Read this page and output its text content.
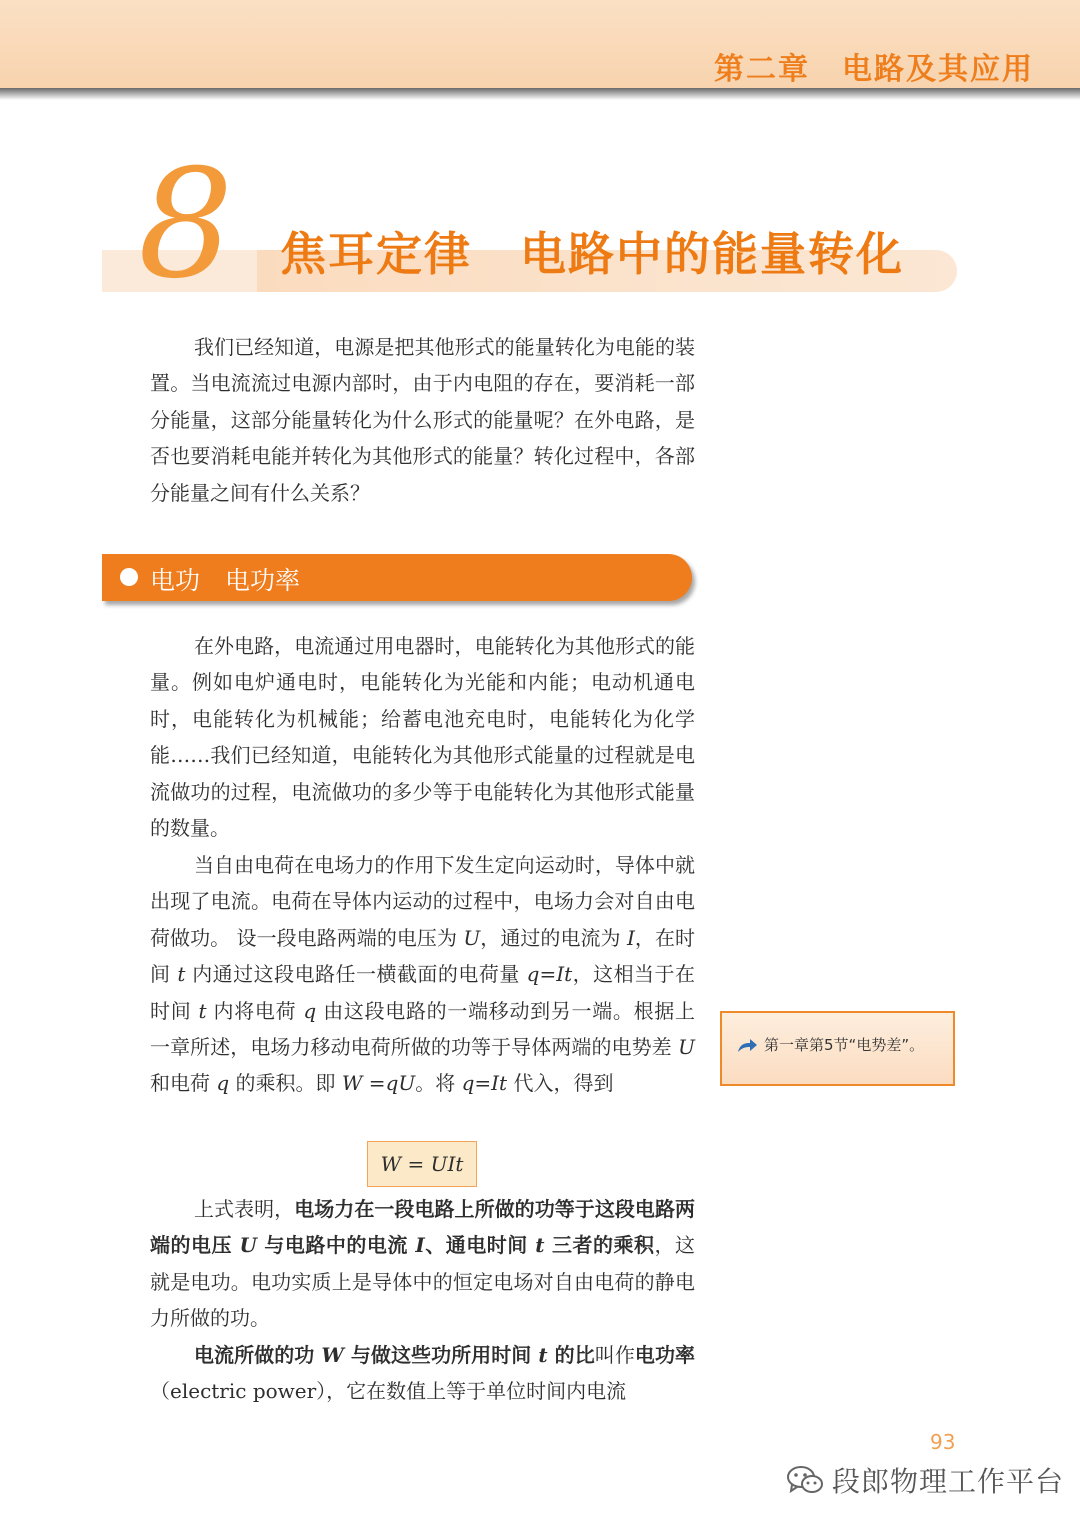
第二章　电路及其应用
8 焦耳定律　电路中的能量转化
我们已经知道，电源是把其他形式的能量转化为电能的装置。当电流流过电源内部时，由于内电阻的存在，要消耗一部分能量，这部分能量转化为什么形式的能量呢？在外电路，是否也要消耗电能并转化为其他形式的能量？转化过程中，各部分能量之间有什么关系？
电功　电功率
在外电路，电流通过用电器时，电能转化为其他形式的能量。例如电炉通电时，电能转化为光能和内能；电动机通电时，电能转化为机械能；给蓄电池充电时，电能转化为化学能……我们已经知道，电能转化为其他形式能量的过程就是电流做功的过程，电流做功的多少等于电能转化为其他形式能量的数量。
当自由电荷在电场力的作用下发生定向运动时，导体中就出现了电流。电荷在导体内运动的过程中，电场力会对自由电荷做功。 设一段电路两端的电压为 U，通过的电流为 I，在时间 t 内通过这段电路任一横截面的电荷量 q=It，这相当于在时间 t 内将电荷 q 由这段电路的一端移动到另一端。根据上一章所述，电场力移动电荷所做的功等于导体两端的电势差 U 和电荷 q 的乘积。即 W =qU。将 q=It 代入，得到
W = UIt
上式表明，电场力在一段电路上所做的功等于这段电路两端的电压 U 与电路中的电流 I、通电时间 t 三者的乘积，这就是电功。电功实质上是导体中的恒定电场对自由电荷的静电力所做的功。
电流所做的功 W 与做这些功所用时间 t 的比叫作电功率（electric power），它在数值上等于单位时间内电流
第一章第5节“电势差”。
93
段郎物理工作平台
